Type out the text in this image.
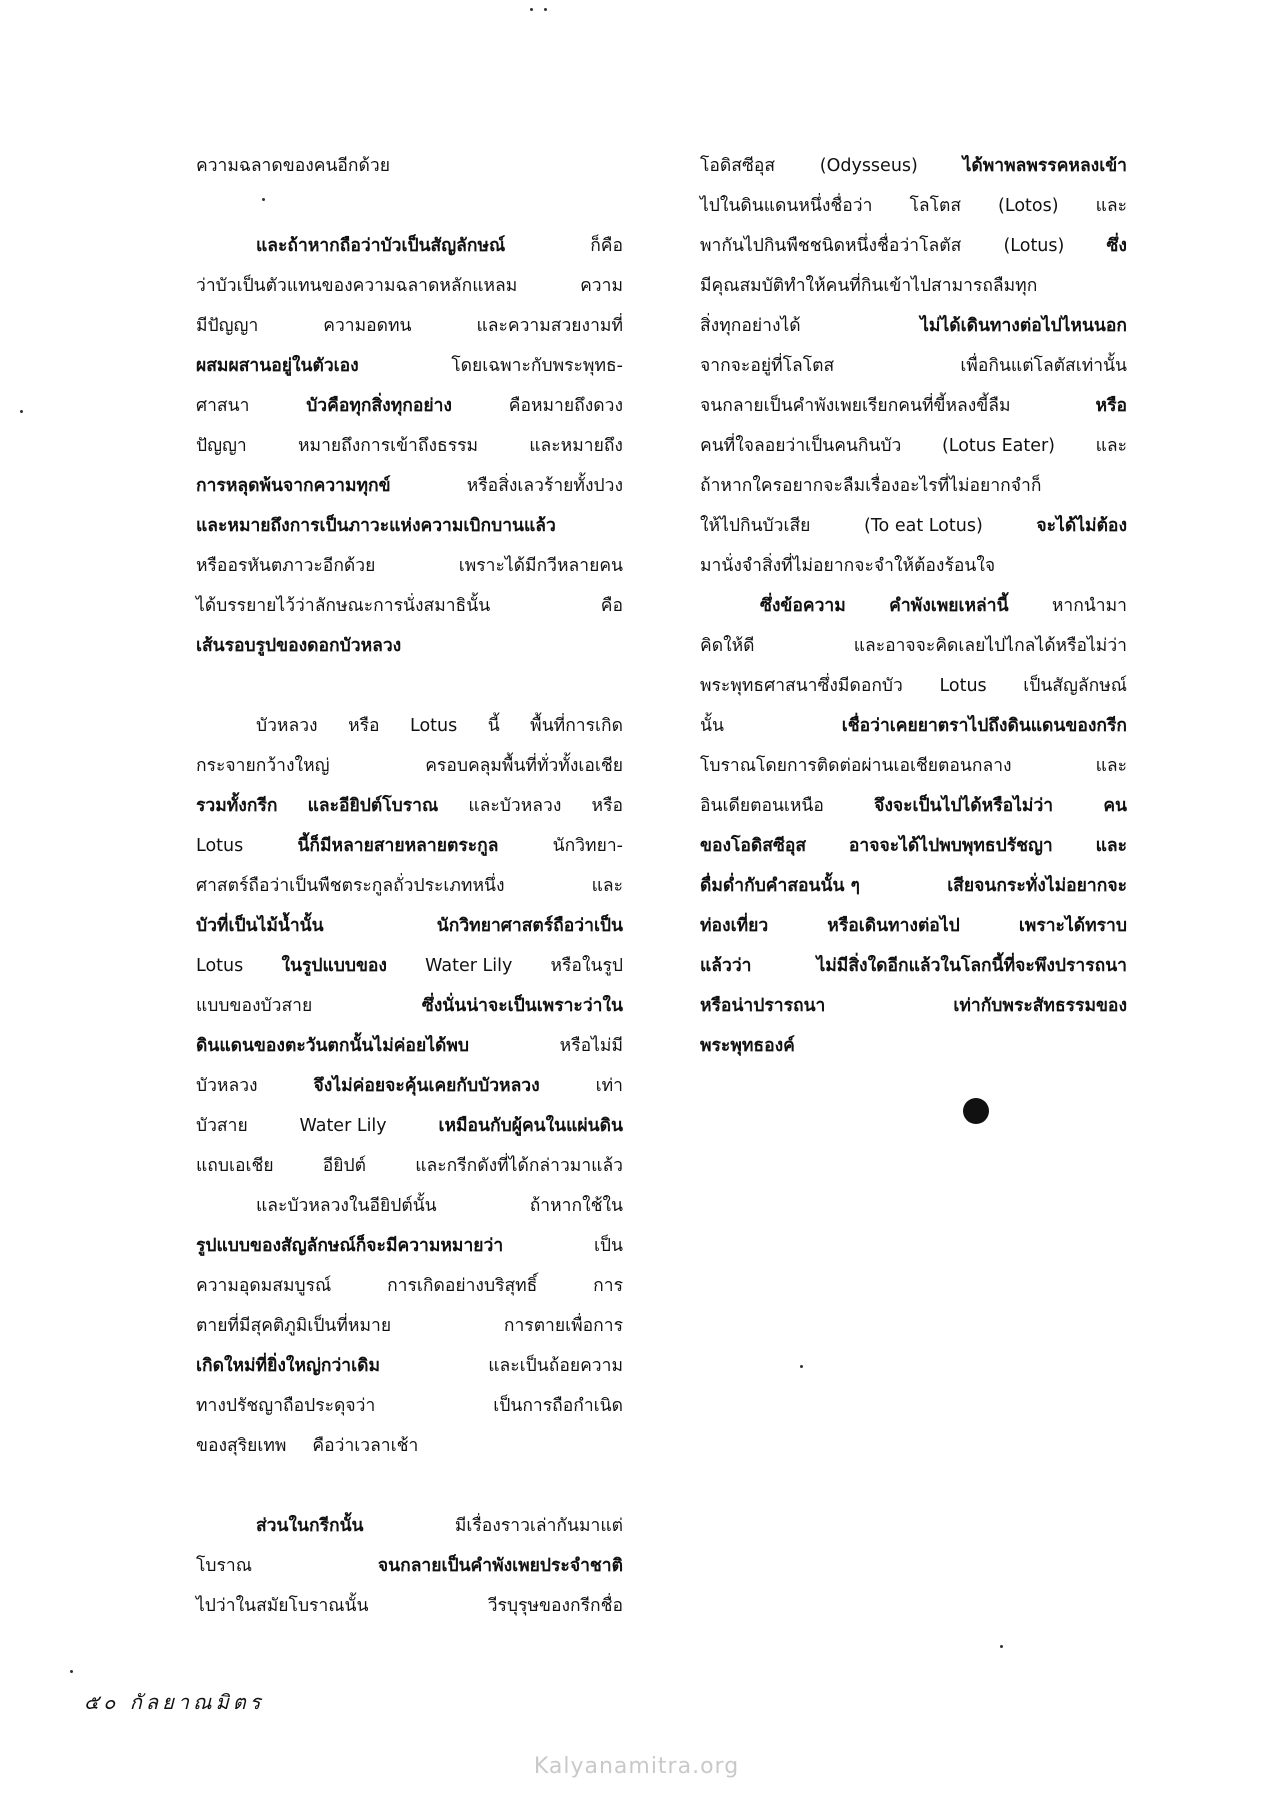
ความฉลาดของคนอีกด้วย
และถ้าหากถือว่าบัวเป็นสัญลักษณ์	ก็คือ
ว่าบัวเป็นตัวแทนของความฉลาดหลักแหลม	ความ
มีปัญญา	ความอดทน	และความสวยงามที่
ผสมผสานอยู่ในตัวเอง	โดยเฉพาะกับพระพุทธ-
ศาสนา	บัวคือทุกสิ่งทุกอย่าง	คือหมายถึงดวง
ปัญญา	หมายถึงการเข้าถึงธรรม	และหมายถึง
การหลุดพ้นจากความทุกข์	หรือสิ่งเลวร้ายทั้งปวง
และหมายถึงการเป็นภาวะแห่งความเบิกบานแล้ว
หรืออรหันตภาวะอีกด้วย	เพราะได้มีกวีหลายคน
ได้บรรยายไว้ว่าลักษณะการนั่งสมาธินั้น	คือ
เส้นรอบรูปของดอกบัวหลวง
บัวหลวง หรือ Lotus นี้ พื้นที่การเกิด
กระจายกว้างใหญ่	ครอบคลุมพื้นที่ทั่วทั้งเอเชีย
รวมทั้งกรีก และอียิปต์โบราณ และบัวหลวง หรือ
Lotus	นี้ก็มีหลายสายหลายตระกูล	นักวิทยา-
ศาสตร์ถือว่าเป็นพืชตระกูลถั่วประเภทหนึ่ง	และ
บัวที่เป็นไม้น้ำนั้น	นักวิทยาศาสตร์ถือว่าเป็น
Lotus ในรูปแบบของ Water Lily หรือในรูป
แบบของบัวสาย	ซึ่งนั่นน่าจะเป็นเพราะว่าใน
ดินแดนของตะวันตกนั้นไม่ค่อยได้พบ	หรือไม่มี
บัวหลวง	จึงไม่ค่อยจะคุ้นเคยกับบัวหลวง	เท่า
บัวสาย	Water Lily	เหมือนกับผู้คนในแผ่นดิน
แถบเอเชีย	อียิปต์	และกรีกดังที่ได้กล่าวมาแล้ว
และบัวหลวงในอียิปต์นั้น	ถ้าหากใช้ใน
รูปแบบของสัญลักษณ์ก็จะมีความหมายว่า	เป็น
ความอุดมสมบูรณ์	การเกิดอย่างบริสุทธิ์	การ
ตายที่มีสุคติภูมิเป็นที่หมาย	การตายเพื่อการ
เกิดใหม่ที่ยิ่งใหญ่กว่าเดิม	และเป็นถ้อยความ
ทางปรัชญาถือประดุจว่า	เป็นการถือกำเนิด
ของสุริยเทพ คือว่าเวลาเช้า
ส่วนในกรีกนั้น	มีเรื่องราวเล่ากันมาแต่
โบราณ	จนกลายเป็นคำพังเพยประจำชาติ
ไปว่าในสมัยโบราณนั้น	วีรบุรุษของกรีกชื่อ
โอดิสซีอุส	(Odysseus)	ได้พาพลพรรคหลงเข้า
ไปในดินแดนหนึ่งชื่อว่า โลโตส (Lotos) และ
พากันไปกินพืชชนิดหนึ่งชื่อว่าโลตัส (Lotus) ซึ่ง
มีคุณสมบัติทำให้คนที่กินเข้าไปสามารถลืมทุก
สิ่งทุกอย่างได้	ไม่ได้เดินทางต่อไปไหนนอก
จากจะอยู่ที่โลโตส	เพื่อกินแต่โลตัสเท่านั้น
จนกลายเป็นคำพังเพยเรียกคนที่ขี้หลงขี้ลืม	หรือ
คนที่ใจลอยว่าเป็นคนกินบัว (Lotus Eater) และ
ถ้าหากใครอยากจะลืมเรื่องอะไรที่ไม่อยากจำก็
ให้ไปกินบัวเสีย	(To eat Lotus)	จะได้ไม่ต้อง
มานั่งจำสิ่งที่ไม่อยากจะจำให้ต้องร้อนใจ
ซึ่งข้อความ คำพังเพยเหล่านี้ หากนำมา
คิดให้ดี	และอาจจะคิดเลยไปไกลได้หรือไม่ว่า
พระพุทธศาสนาซึ่งมีดอกบัว Lotus เป็นสัญลักษณ์
นั้น	เชื่อว่าเคยยาตราไปถึงดินแดนของกรีก
โบราณโดยการติดต่อผ่านเอเชียตอนกลาง	และ
อินเดียตอนเหนือ	จึงจะเป็นไปได้หรือไม่ว่า	คน
ของโอดิสซีอุส อาจจะได้ไปพบพุทธปรัชญา และ
ดื่มด่ำกับคำสอนนั้น ๆ	เสียจนกระทั่งไม่อยากจะ
ท่องเที่ยว	หรือเดินทางต่อไป	เพราะได้ทราบ
แล้วว่า	ไม่มีสิ่งใดอีกแล้วในโลกนี้ที่จะพึงปรารถนา
หรือน่าปรารถนา	เท่ากับพระสัทธรรมของ
พระพุทธองค์
๕๐ กัลยาณมิตร
Kalyanamitra.org
